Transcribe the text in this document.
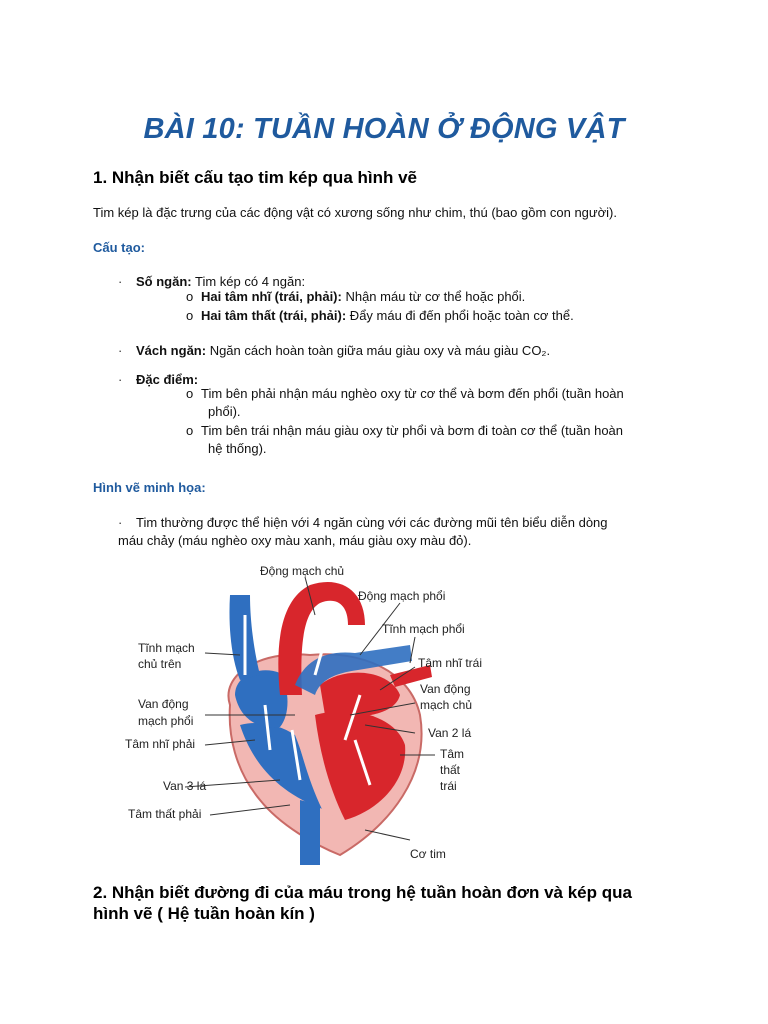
BÀI 10: TUẦN HOÀN Ở ĐỘNG VẬT
1. Nhận biết cấu tạo tim kép qua hình vẽ
Tim kép là đặc trưng của các động vật có xương sống như chim, thú (bao gồm con người).
Cấu tạo:
· Số ngăn: Tim kép có 4 ngăn:
o Hai tâm nhĩ (trái, phải): Nhận máu từ cơ thể hoặc phổi.
o Hai tâm thất (trái, phải): Đẩy máu đi đến phổi hoặc toàn cơ thể.
· Vách ngăn: Ngăn cách hoàn toàn giữa máu giàu oxy và máu giàu CO₂.
· Đặc điểm:
o Tim bên phải nhận máu nghèo oxy từ cơ thể và bơm đến phổi (tuần hoàn
phổi).
o Tim bên trái nhận máu giàu oxy từ phổi và bơm đi toàn cơ thể (tuần hoàn
hệ thống).
Hình vẽ minh họa:
· Tim thường được thể hiện với 4 ngăn cùng với các đường mũi tên biểu diễn dòng
máu chảy (máu nghèo oxy màu xanh, máu giàu oxy màu đỏ).
Động mạch chủ
Động mạch phổi
Tĩnh mạch phổi
Tâm nhĩ trái
Van động
mạch chủ
Van 2 lá
Tâm
thất
trái
Cơ tim
Tĩnh mạch
chủ trên
Van động
mạch phổi
Tâm nhĩ phải
Van 3 lá
Tâm thất phải
2. Nhận biết đường đi của máu trong hệ tuần hoàn đơn và kép qua
hình vẽ ( Hệ tuần hoàn kín )
